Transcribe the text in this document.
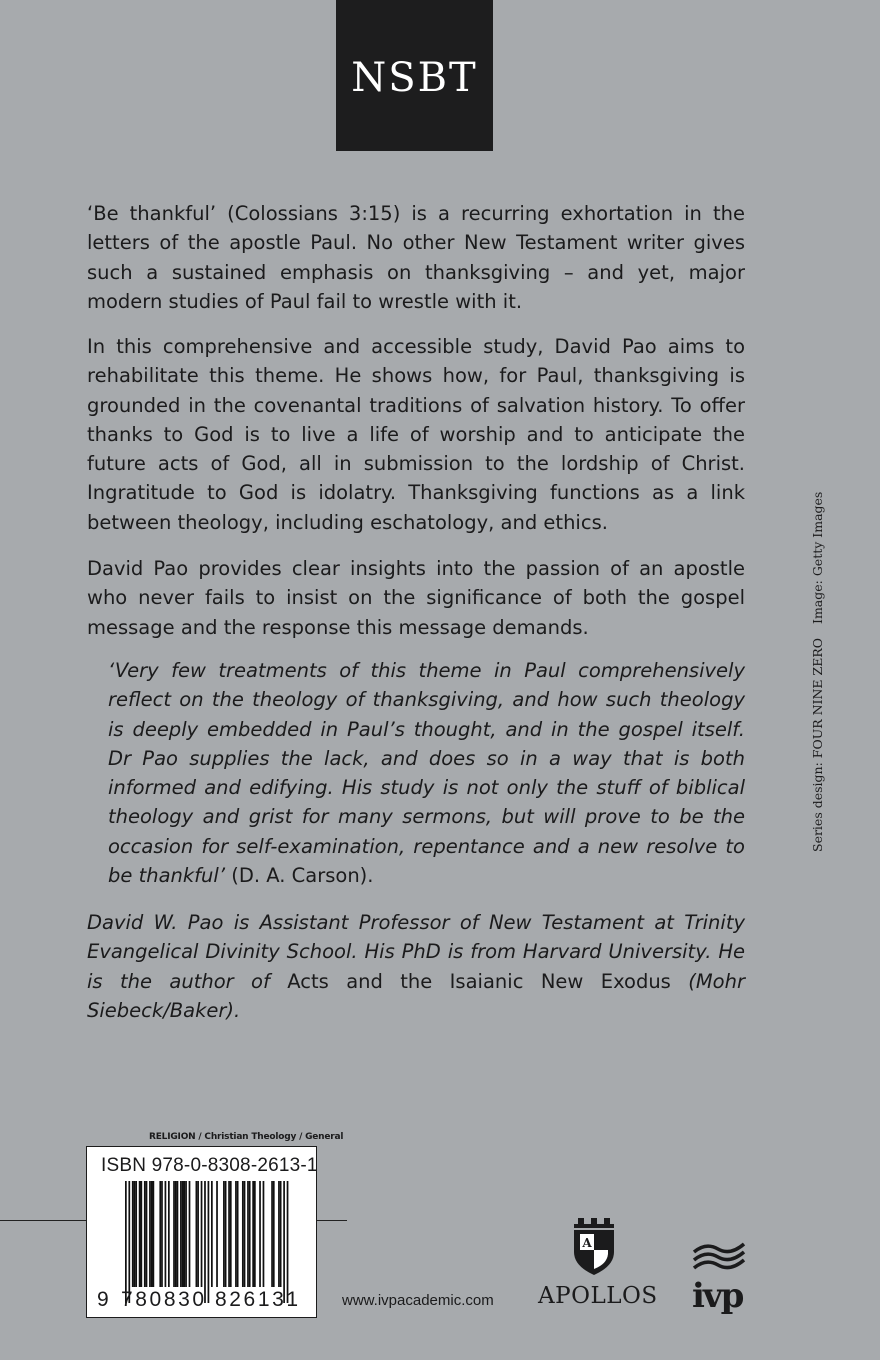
NSBT

‘Be thankful’ (Colossians 3:15) is a recurring exhortation in the letters of the apostle Paul. No other New Testament writer gives such a sustained emphasis on thanksgiving – and yet, major modern studies of Paul fail to wrestle with it.

In this comprehensive and accessible study, David Pao aims to rehabilitate this theme. He shows how, for Paul, thanksgiving is grounded in the covenantal traditions of salvation history. To offer thanks to God is to live a life of worship and to anticipate the future acts of God, all in submission to the lordship of Christ. Ingratitude to God is idolatry. Thanksgiving functions as a link between theology, including eschatology, and ethics.

David Pao provides clear insights into the passion of an apostle who never fails to insist on the significance of both the gospel message and the response this message demands.

‘Very few treatments of this theme in Paul comprehensively reflect on the theology of thanksgiving, and how such theology is deeply embedded in Paul’s thought, and in the gospel itself. Dr Pao supplies the lack, and does so in a way that is both informed and edifying. His study is not only the stuff of biblical theology and grist for many sermons, but will prove to be the occasion for self-examination, repentance and a new resolve to be thankful’ (D. A. Carson).

David W. Pao is Assistant Professor of New Testament at Trinity Evangelical Divinity School. His PhD is from Harvard University. He is the author of Acts and the Isaianic New Exodus (Mohr Siebeck/Baker).

Series design: FOUR NINE ZEROImage: Getty Images
RELIGION / Christian Theology / General
ISBN 978-0-8308-2613-1
9 780830 826131	www.ivpacademic.com
A
APOLLOS ivp
